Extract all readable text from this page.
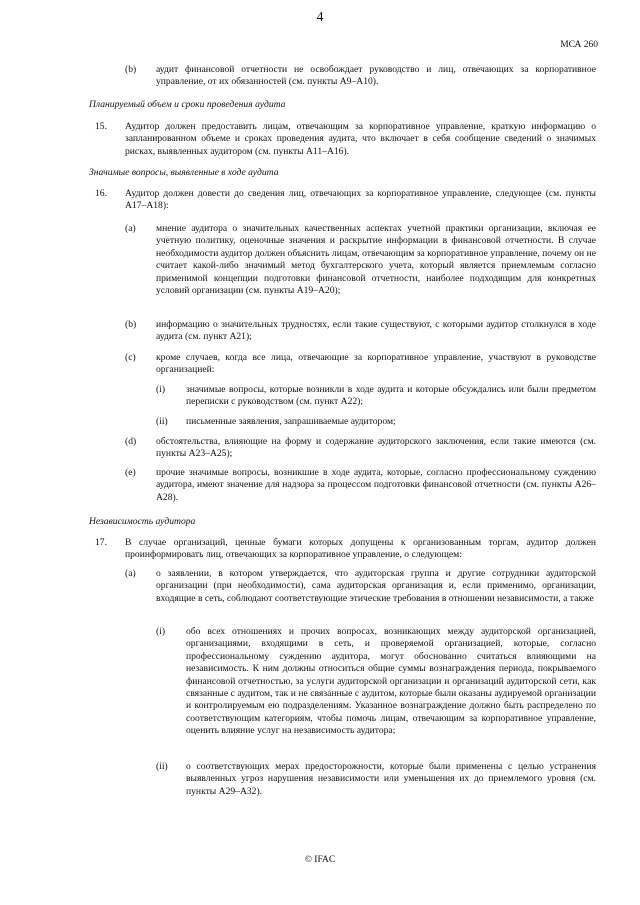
4
МСА 260
(b) аудит финансовой отчетности не освобождает руководство и лиц, отвечающих за корпоративное управление, от их обязанностей (см. пункты A9–A10).
Планируемый объем и сроки проведения аудита
15. Аудитор должен предоставить лицам, отвечающим за корпоративное управление, краткую информацию о запланированном объеме и сроках проведения аудита, что включает в себя сообщение сведений о значимых рисках, выявленных аудитором (см. пункты A11–A16).
Значимые вопросы, выявленные в ходе аудита
16. Аудитор должен довести до сведения лиц, отвечающих за корпоративное управление, следующее (см. пункты A17–A18):
(a) мнение аудитора о значительных качественных аспектах учетной практики организации, включая ее учетную политику, оценочные значения и раскрытие информации в финансовой отчетности. В случае необходимости аудитор должен объяснить лицам, отвечающим за корпоративное управление, почему он не считает какой-либо значимый метод бухгалтерского учета, который является приемлемым согласно применимой концепции подготовки финансовой отчетности, наиболее подходящим для конкретных условий организации (см. пункты A19–A20);
(b) информацию о значительных трудностях, если такие существуют, с которыми аудитор столкнулся в ходе аудита (см. пункт A21);
(c) кроме случаев, когда все лица, отвечающие за корпоративное управление, участвуют в руководстве организацией:
(i) значимые вопросы, которые возникли в ходе аудита и которые обсуждались или были предметом переписки с руководством (см. пункт A22);
(ii) письменные заявления, запрашиваемые аудитором;
(d) обстоятельства, влияющие на форму и содержание аудиторского заключения, если такие имеются (см. пункты A23–A25);
(e) прочие значимые вопросы, возникшие в ходе аудита, которые, согласно профессиональному суждению аудитора, имеют значение для надзора за процессом подготовки финансовой отчетности (см. пункты A26–A28).
Независимость аудитора
17. В случае организаций, ценные бумаги которых допущены к организованным торгам, аудитор должен проинформировать лиц, отвечающих за корпоративное управление, о следующем:
(a) о заявлении, в котором утверждается, что аудиторская группа и другие сотрудники аудиторской организации (при необходимости), сама аудиторская организация и, если применимо, организации, входящие в сеть, соблюдают соответствующие этические требования в отношении независимости, а также
(i) обо всех отношениях и прочих вопросах, возникающих между аудиторской организацией, организациями, входящими в сеть, и проверяемой организацией, которые, согласно профессиональному суждению аудитора, могут обоснованно считаться влияющими на независимость. К ним должны относиться общие суммы вознаграждения периода, покрываемого финансовой отчетностью, за услуги аудиторской организации и организаций аудиторской сети, как связанные с аудитом, так и не связанные с аудитом, которые были оказаны аудируемой организации и контролируемым ею подразделениям. Указанное вознаграждение должно быть распределено по соответствующим категориям, чтобы помочь лицам, отвечающим за корпоративное управление, оценить влияние услуг на независимость аудитора;
(ii) о соответствующих мерах предосторожности, которые были применены с целью устранения выявленных угроз нарушения независимости или уменьшения их до приемлемого уровня (см. пункты A29–A32).
© IFAC
